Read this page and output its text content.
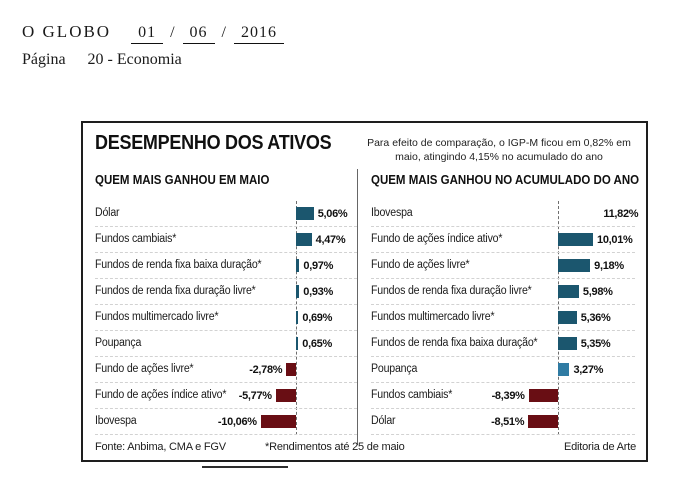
O GLOBO	01 / 06 / 2016
Página 20 - Economia
DESEMPENHO DOS ATIVOS	Para efeito de comparação, o IGP-M ficou em 0,82% em
maio, atingindo 4,15% no acumulado do ano
QUEM MAIS GANHOU EM MAIO
Dólar	5,06%
Fundos cambiais*	4,47%
Fundos de renda fixa baixa duração*	0,97%
Fundos de renda fixa duração livre*	0,93%
Fundos multimercado livre*	0,69%
Poupança	0,65%
Fundo de ações livre*	-2,78%
Fundo de ações índice ativo* -5,77%
Ibovespa	-10,06%
QUEM MAIS GANHOU NO ACUMULADO DO ANO
Ibovespa	11,82%
Fundo de ações índice ativo*	10,01%
Fundo de ações livre*	9,18%
Fundos de renda fixa duração livre*	5,98%
Fundos multimercado livre*	5,36%
Fundos de renda fixa baixa duração*	5,35%
Poupança	3,27%
Fundos cambiais*	-8,39%
Dólar	-8,51%
Fonte: Anbima, CMA e FGV	*Rendimentos até 25 de maio	Editoria de Arte
